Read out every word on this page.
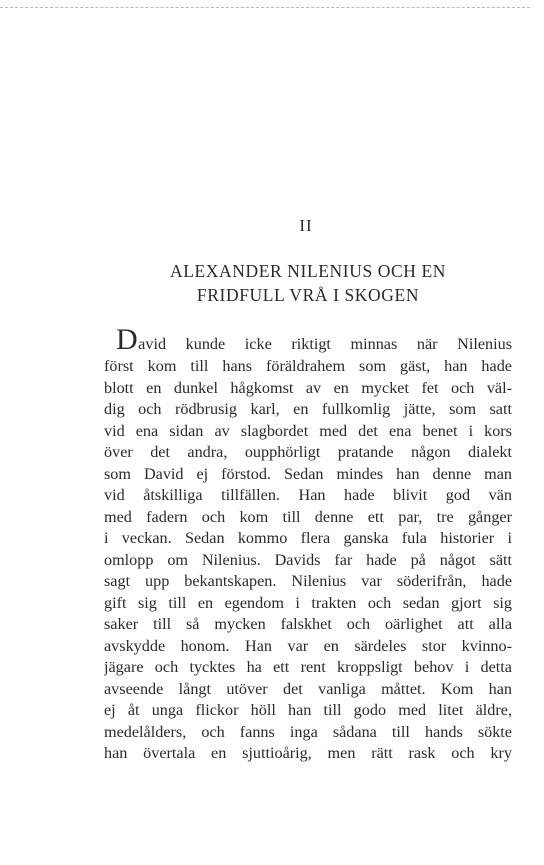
II
ALEXANDER NILENIUS OCH EN
FRIDFULL VRÅ I SKOGEN
David kunde icke riktigt minnas när Nilenius
först kom till hans föräldrahem som gäst, han hade
blott en dunkel hågkomst av en mycket fet och väl-
dig och rödbrusig karl, en fullkomlig jätte, som satt
vid ena sidan av slagbordet med det ena benet i kors
över det andra, oupphörligt pratande någon dialekt
som David ej förstod. Sedan mindes han denne man
vid åtskilliga tillfällen. Han hade blivit god vän
med fadern och kom till denne ett par, tre gånger
i veckan. Sedan kommo flera ganska fula historier i
omlopp om Nilenius. Davids far hade på något sätt
sagt upp bekantskapen. Nilenius var söderifrån, hade
gift sig till en egendom i trakten och sedan gjort sig
saker till så mycken falskhet och oärlighet att alla
avskydde honom. Han var en särdeles stor kvinno-
jägare och tycktes ha ett rent kroppsligt behov i detta
avseende långt utöver det vanliga måttet. Kom han
ej åt unga flickor höll han till godo med litet äldre,
medelålders, och fanns inga sådana till hands sökte
han övertala en sjuttioårig, men rätt rask och kry
